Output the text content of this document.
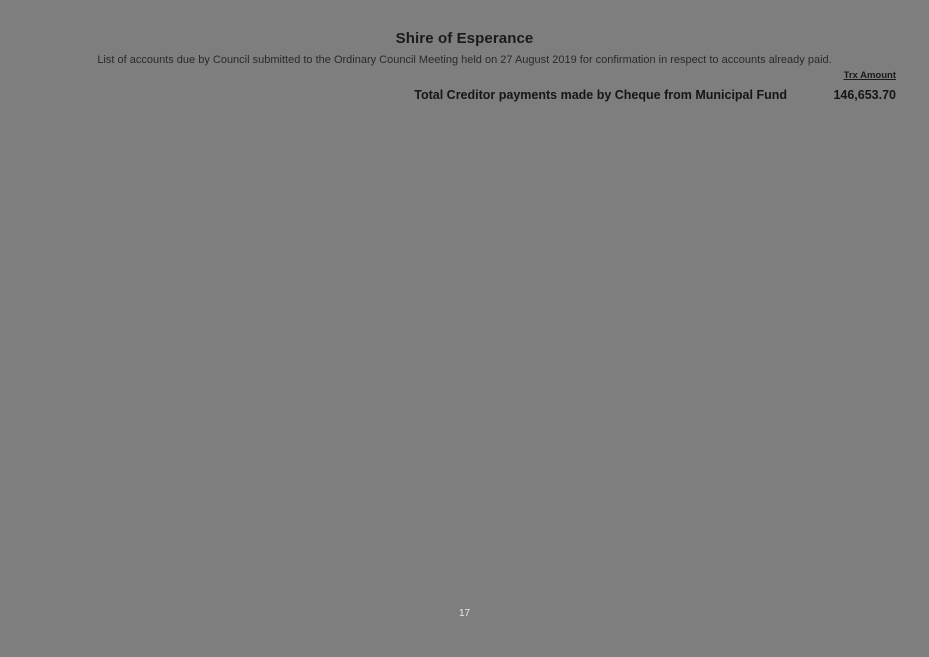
Shire of Esperance
List of accounts due by Council submitted to the Ordinary Council Meeting held on 27 August 2019 for confirmation in respect to accounts already paid.
Trx Amount
Total Creditor payments made by Cheque from Municipal Fund	146,653.70
17
